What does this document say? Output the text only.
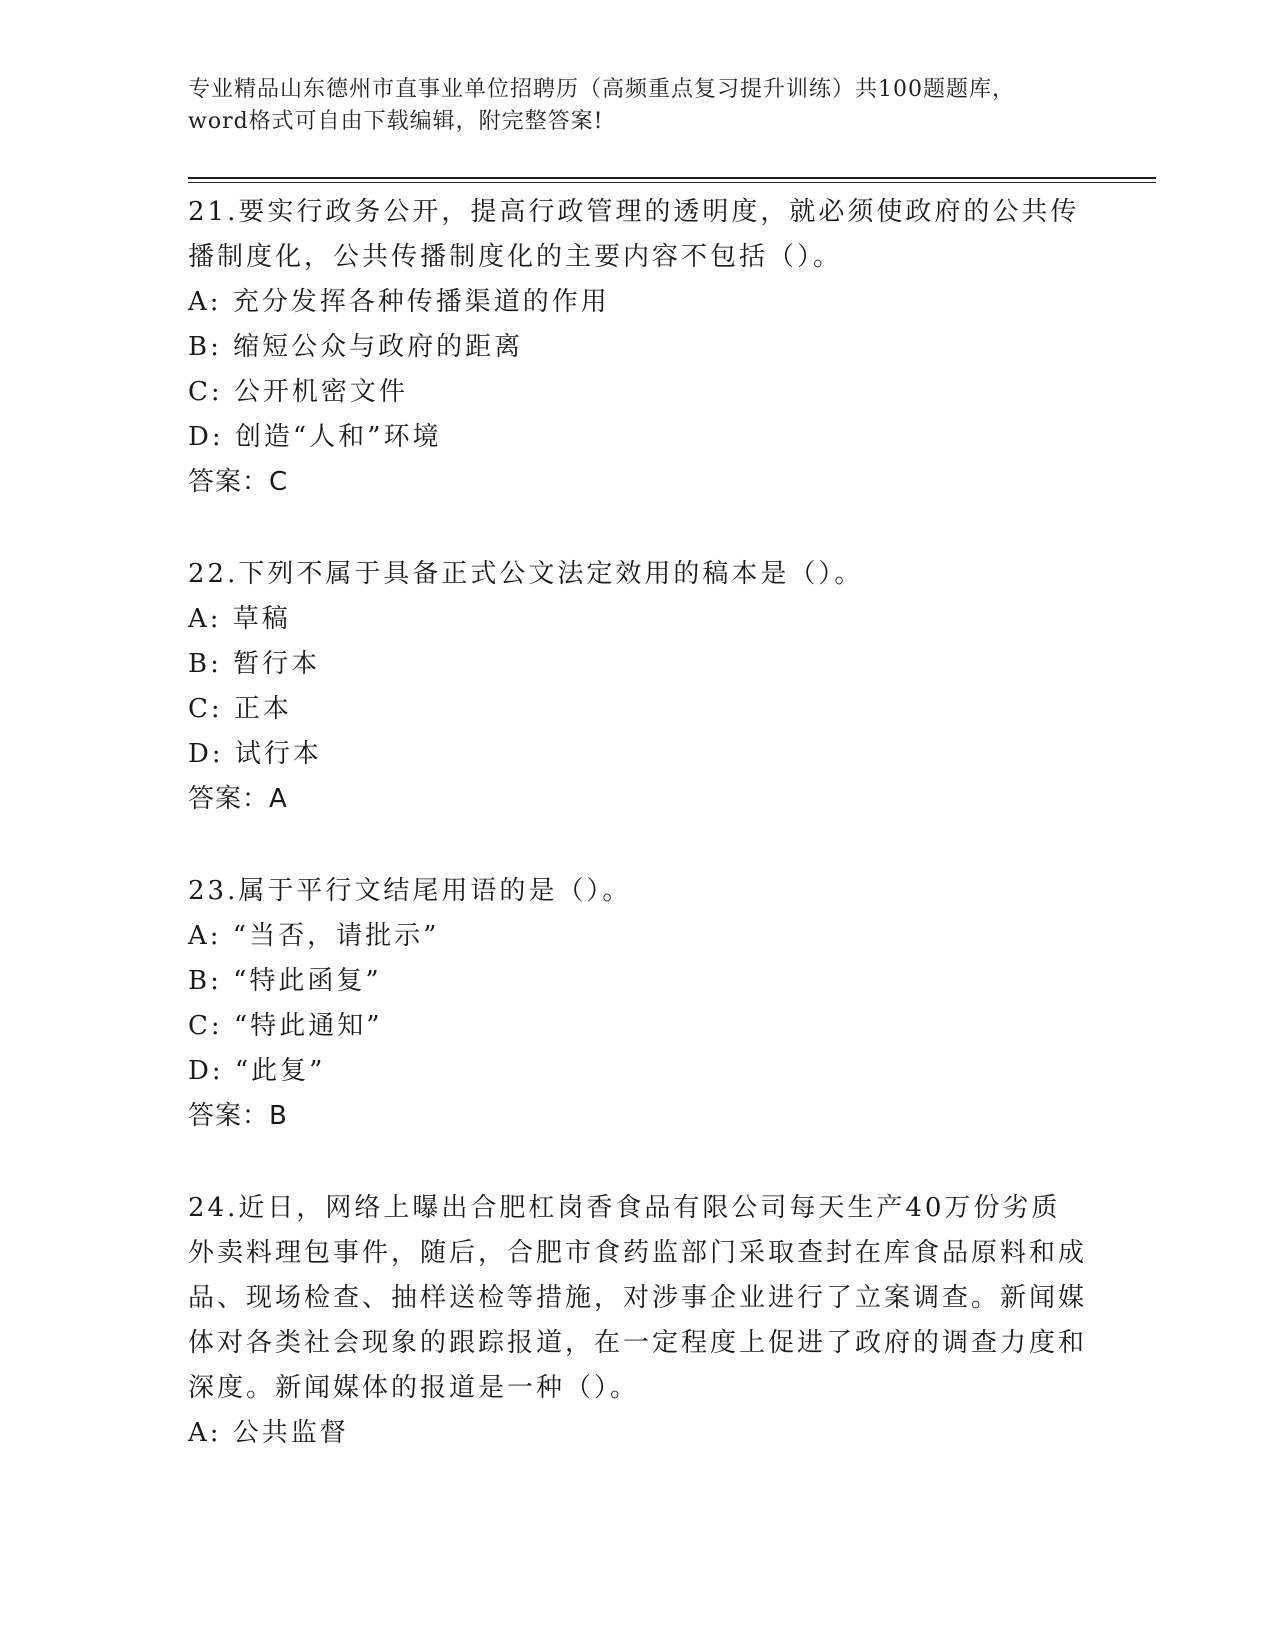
专业精品山东德州市直事业单位招聘历（高频重点复习提升训练）共100题题库，word格式可自由下载编辑，附完整答案!

21.要实行政务公开，提高行政管理的透明度，就必须使政府的公共传播制度化，公共传播制度化的主要内容不包括（）。

A: 充分发挥各种传播渠道的作用

B: 缩短公众与政府的距离

C: 公开机密文件

D: 创造“人和”环境

答案：C

22.下列不属于具备正式公文法定效用的稿本是（）。

A: 草稿

B: 暂行本

C: 正本

D: 试行本

答案：A

23.属于平行文结尾用语的是（）。

A: “当否，请批示”

B: “特此函复”

C: “特此通知”

D: “此复”

答案：B

24.近日，网络上曝出合肥杠岗香食品有限公司每天生产40万份劣质外卖料理包事件，随后，合肥市食药监部门采取查封在库食品原料和成品、现场检查、抽样送检等措施，对涉事企业进行了立案调查。新闻媒体对各类社会现象的跟踪报道，在一定程度上促进了政府的调查力度和深度。新闻媒体的报道是一种（）。

A: 公共监督
